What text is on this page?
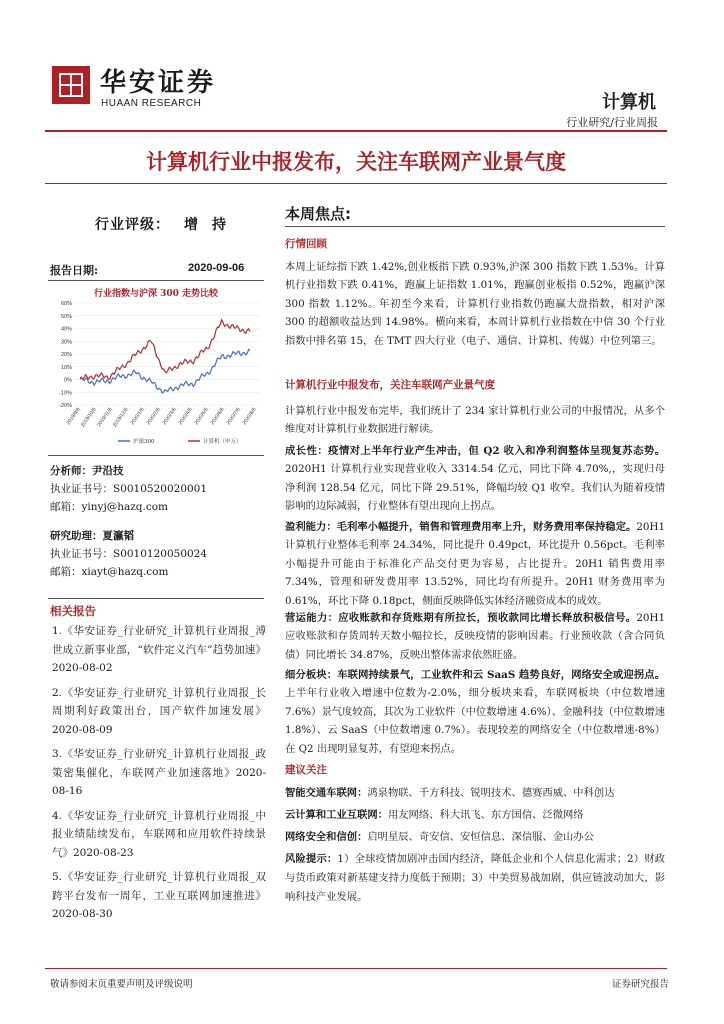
华安证券
HUAAN RESEARCH	计算机
行业研究/行业周报
计算机行业中报发布，关注车联网产业景气度
行业评级： 增持
报告日期:	2020-09-06
行业指数与沪深 300 走势比较
60%
50%
40%
30%
20%
10%
0%
-10%
-20%
2019/9/6
2019/10/6
2019/11/6
2019/12/6 2020/1/6 2020/2/6 2020/3/6 2020/4/6 2020/5/6 2020/6/6 2020/7/6 2020/8/6
沪深300	计算机（申万）
分析师：尹沿技
执业证书号：S0010520020001
邮箱：yinyj@hazq.com
研究助理：夏瀛韬
执业证书号：S0010120050024
邮箱：xiayt@hazq.com
相关报告
1.《华安证券_行业研究_计算机行业周报_溥世成立新事业部，“软件定义汽车”趋势加速》2020-08-02
2.《华安证券_行业研究_计算机行业周报_长周期利好政策出台，国产软件加速发展》2020-08-09
3.《华安证券_行业研究_计算机行业周报_政策密集催化，车联网产业加速落地》2020-08-16
4.《华安证券_行业研究_计算机行业周报_中报业绩陆续发布，车联网和应用软件持续景气》2020-08-23
5.《华安证券_行业研究_计算机行业周报_双跨平台发布一周年，工业互联网加速推进》2020-08-30
本周焦点:
行情回顾
本周上证综指下跌 1.42%,创业板指下跌 0.93%,沪深 300 指数下跌 1.53%。计算机行业指数下跌 0.41%，跑赢上证指数 1.01%，跑赢创业板指 0.52%，跑赢沪深 300 指数 1.12%。年初至今来看，计算机行业指数仍跑赢大盘指数，相对沪深 300 的超额收益达到 14.98%。横向来看，本周计算机行业指数在中信 30 个行业指数中排名第 15，在 TMT 四大行业（电子、通信、计算机、传媒）中位列第三。
计算机行业中报发布，关注车联网产业景气度
计算机行业中报发布完毕，我们统计了 234 家计算机行业公司的中报情况，从多个维度对计算机行业数据进行解读。
成长性：疫情对上半年行业产生冲击，但 Q2 收入和净利润整体呈现复苏态势。2020H1 计算机行业实现营业收入 3314.54 亿元，同比下降 4.70%,，实现归母净利润 128.54 亿元，同比下降 29.51%，降幅均较 Q1 收窄。我们认为随着疫情影响的边际减弱，行业整体有望出现向上拐点。
盈利能力：毛利率小幅提升，销售和管理费用率上升，财务费用率保持稳定。20H1 计算机行业整体毛利率 24.34%，同比提升 0.49pct，环比提升 0.56pct。毛利率小幅提升可能由于标准化产品交付更为容易，占比提升。20H1 销售费用率 7.34%，管理和研发费用率 13.52%，同比均有所提升。20H1 财务费用率为 0.61%，环比下降 0.18pct，侧面反映降低实体经济融资成本的成效。
营运能力：应收账款和存货账期有所拉长，预收款同比增长释放积极信号。20H1 应收账款和存货周转天数小幅拉长，反映疫情的影响因素。行业预收款（含合同负债）同比增长 34.87%，反映出整体需求依然旺盛。
细分板块：车联网持续景气，工业软件和云 SaaS 趋势良好，网络安全或迎拐点。上半年行业收入增速中位数为-2.0%，细分板块来看，车联网板块（中位数增速 7.6%）景气度较高，其次为工业软件（中位数增速 4.6%）、金融科技（中位数增速 1.8%）、云 SaaS（中位数增速 0.7%）。表现较差的网络安全（中位数增速-8%）在 Q2 出现明显复苏，有望迎来拐点。
建议关注
智能交通车联网：鸿泉物联、千方科技、锐明技术、德赛西威、中科创达
云计算和工业互联网：用友网络、科大讯飞、东方国信、泛微网络
网络安全和信创：启明星辰、奇安信、安恒信息、深信服、金山办公
风险提示：1）全球疫情加剧冲击国内经济，降低企业和个人信息化需求；2）财政与货币政策对新基建支持力度低于预期；3）中美贸易战加剧，供应链波动加大，影响科技产业发展。
敬请参阅末页重要声明及评级说明	证券研究报告
